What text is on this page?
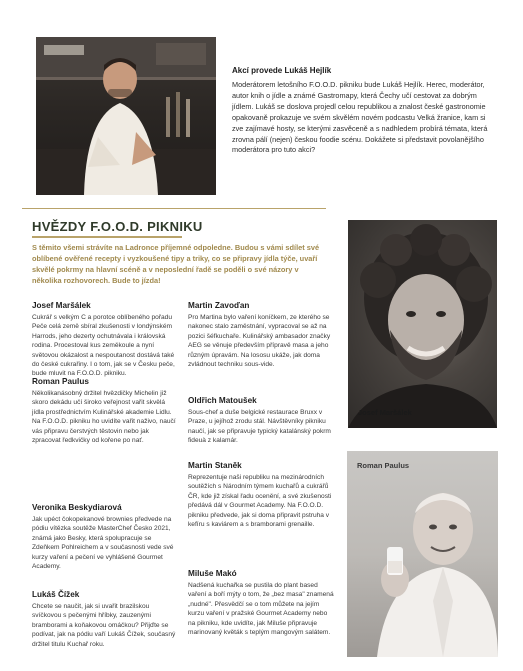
Akcí provede Lukáš Hejlík
Moderátorem letošního F.O.O.D. pikniku bude Lukáš Hejlík. Herec, moderátor, autor knih o jídle a známé Gastromapy, která Čechy učí cestovat za dobrým jídlem. Lukáš se doslova projedl celou republikou a znalost české gastronomie opakovaně prokazuje ve svém skvělém novém podcastu Velká žranice, kam si zve zajímavé hosty, se kterými zasvěceně a s nadhledem probírá témata, která zrovna pálí (nejen) českou foodie scénu. Dokážete si představit povolanějšího moderátora pro tuto akci?
HVĚZDY F.O.O.D. PIKNIKU
S těmito všemi strávíte na Ladronce příjemné odpoledne. Budou s vámi sdílet své oblíbené ověřené recepty i vyzkoušené tipy a triky, co se připravy jídla týče, uvaří skvělé pokrmy na hlavní scéně a v neposlední řadě se poděli o své názory v několika rozhovorech. Bude to jízda!
Josef Maršálek

Cukrář s velkým C a porotce oblíbeného pořadu Peče celá země sbíral zkušenosti v londýnském Harrods, jeho dezerty ochutnávala i královská rodina. Procestoval kus zeměkoule a nyní světovou okázalost a nespoutanost dostává také do české cukrařiny. I o tom, jak se v Česku peče, bude mluvit na F.O.O.D. pikniku.

Roman Paulus

Několikanásobný držitel hvězdičky Michelin již skoro dekádu učí široko veřejnost vařit skvělá jídla prostřednictvím Kulinářské akademie Lidlu. Na F.O.O.D. pikniku ho uvidíte vařit naživo, naučí vás připravu čerstvých těstovin nebo jak zpracovat ředkvičky od kořene po nať.

Veronika Beskydiarová

Jak upéct čokopekanové brownies předvede na pódiu vítězka soutěže MasterChef Česko 2021, známá jako Besky, která spolupracuje se Zdeňkem Pohlreichem a v současnosti vede své kurzy vaření a pečení ve vyhlášené Gourmet Academy.

Lukáš Čížek

Chcete se naučit, jak si uvařit brazilskou svíčkovou s pečenými hříbky, zauzenými bramborami a koňakovou omáčkou? Přijďte se podívat, jak na pódiu vaří Lukáš Čížek, současný držitel titulu Kuchař roku.

Martin Zavoďan

Pro Martina bylo vaření koníčkem, ze kterého se nakonec stalo zaměstnání, vypracoval se až na pozici šéfkuchaře. Kulinářský ambasador značky AEG se věnuje především přípravě masa a jeho různým úpravám. Na lososu ukáže, jak doma zvládnout techniku sous-vide.

Oldřich Matoušek

Sous-chef a duše belgické restaurace Bruxx v Praze, u jejíhož zrodu stál. Návštěvníky pikniku naučí, jak se připravuje typický katalánský pokrm fideuà z kalamár.

Martin Staněk

Reprezentuje naši republiku na mezinárodních soutěžích s Národním týmem kuchařů a cukrářů ČR, kde již získal řadu ocenění, a své zkušenosti předává dál v Gourmet Academy. Na F.O.O.D. pikniku předvede, jak si doma připravit pstruha v kefíru s kaviárem a s bramborami grenaille.

Miluše Makó

Nadšená kuchařka se pustila do plant based vaření a boří mýty o tom, že „bez masa" znamená „nudné". Přesvědčí se o tom můžete na jejím kurzu vaření v pražské Gourmet Academy nebo na pikniku, kde uvidíte, jak Miluše připravuje marinovaný květák s teplým mangovým salátem.

Josef Maršálek
Roman Paulus
